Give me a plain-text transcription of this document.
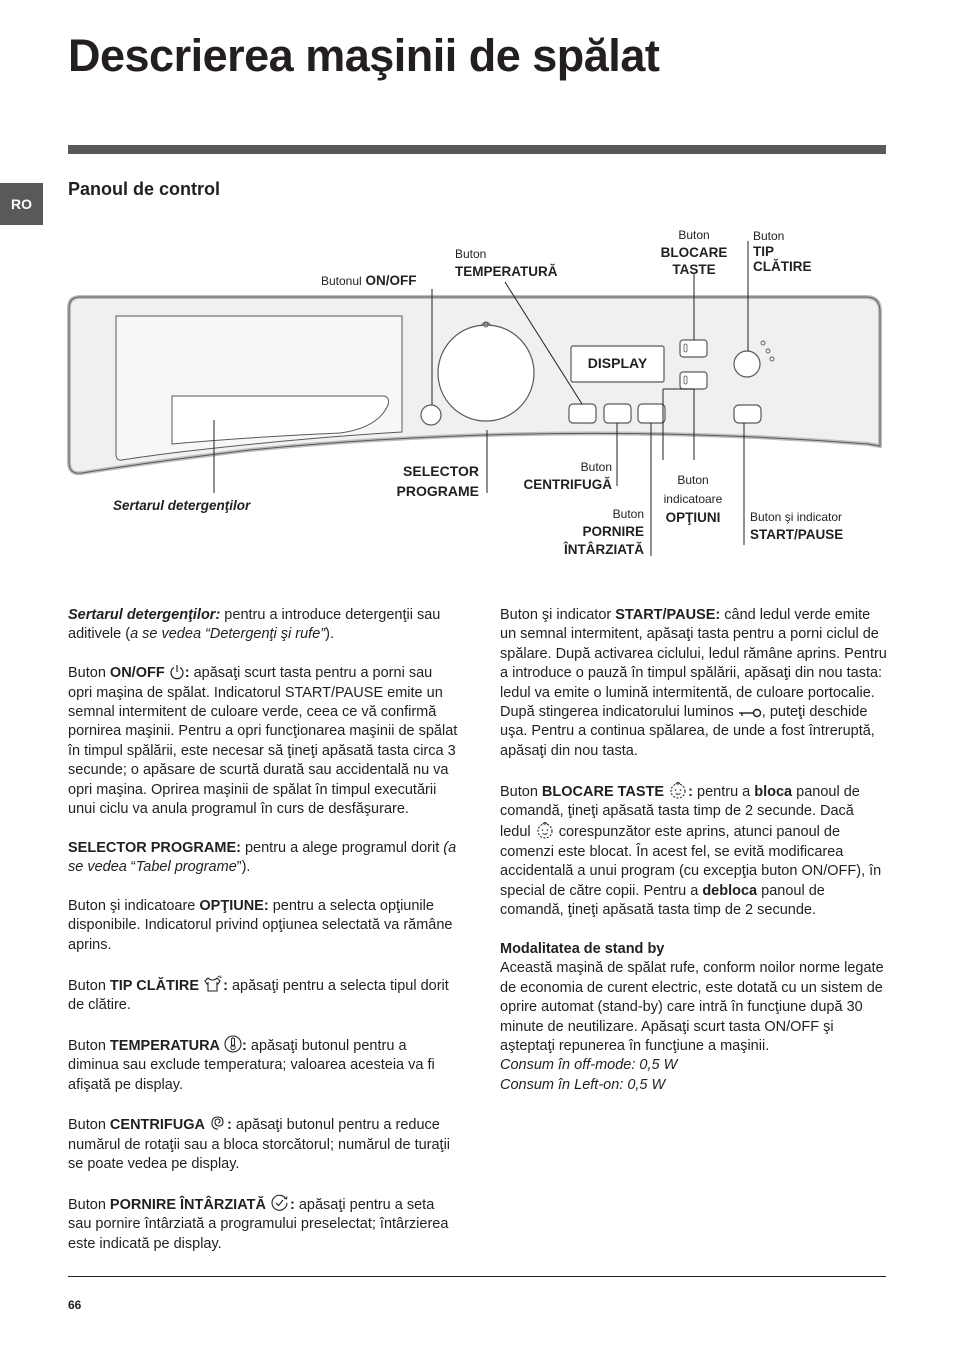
Descrierea maşinii de spălat
RO
Panoul de control
Butonul ON/OFF
Buton
TEMPERATURĂ
Buton
BLOCARE
TASTE
Buton
TIP
CLĂTIRE
DISPLAY
SELECTOR
PROGRAME
Buton
CENTRIFUGĂ	Buton
indicatoare
OPŢIUNI
Buton
PORNIRE
ÎNTÂRZIATĂ
Buton şi indicator
START/PAUSE
Sertarul detergenţilor

Sertarul detergenţilor: pentru a introduce detergenţii sau aditivele (a se vedea “Detergenţi şi rufe”).

Buton ON/OFF : apăsaţi scurt tasta pentru a porni sau opri maşina de spălat. Indicatorul START/PAUSE emite un semnal intermitent de culoare verde, ceea ce vă confirmă pornirea maşinii. Pentru a opri funcţionarea maşinii de spălat în timpul spălării, este necesar să ţineţi apăsată tasta circa 3 secunde; o apăsare de scurtă durată sau accidentală nu va opri maşina. Oprirea maşinii de spălat în timpul executării unui ciclu va anula programul în curs de desfăşurare.

SELECTOR PROGRAME: pentru a alege programul dorit (a se vedea “Tabel programe”).

Buton şi indicatoare OPŢIUNE: pentru a selecta opţiunile disponibile. Indicatorul privind opţiunea selectată va rămâne aprins.

Buton TIP CLĂTIRE : apăsaţi pentru a selecta tipul dorit de clătire.

Buton TEMPERATURA : apăsaţi butonul pentru a diminua sau exclude temperatura; valoarea acesteia va fi afişată pe display.

Buton CENTRIFUGA : apăsaţi butonul pentru a reduce numărul de rotaţii sau a bloca storcătorul; numărul de turaţii se poate vedea pe display.

Buton PORNIRE ÎNTÂRZIATĂ : apăsaţi pentru a seta sau pornire întârziată a programului preselectat; întârzierea este indicată pe display.

Buton şi indicator START/PAUSE: când ledul verde emite un semnal intermitent, apăsaţi tasta pentru a porni ciclul de spălare. După activarea ciclului, ledul rămâne aprins. Pentru a introduce o pauză în timpul spălării, apăsaţi din nou tasta: ledul va emite o lumină intermitentă, de culoare portocalie. După stingerea indicatorului luminos , puteţi deschide uşa. Pentru a continua spălarea, de unde a fost întreruptă, apăsaţi din nou tasta.

Buton BLOCARE TASTE : pentru a bloca panoul de comandă, ţineţi apăsată tasta timp de 2 secunde. Dacă ledul  corespunzător este aprins, atunci panoul de comenzi este blocat. În acest fel, se evită modificarea accidentală a unui program (cu excepţia buton ON/OFF), în special de către copii. Pentru a debloca panoul de comandă, ţineţi apăsată tasta timp de 2 secunde.

Modalitatea de stand by
Această maşină de spălat rufe, conform noilor norme legate de economia de curent electric, este dotată cu un sistem de oprire automat (stand-by) care intră în funcţiune după 30 minute de neutilizare. Apăsaţi scurt tasta ON/OFF şi aşteptaţi repunerea în funcţiune a maşinii.
Consum în off-mode: 0,5 W
Consum în Left-on: 0,5 W
66
